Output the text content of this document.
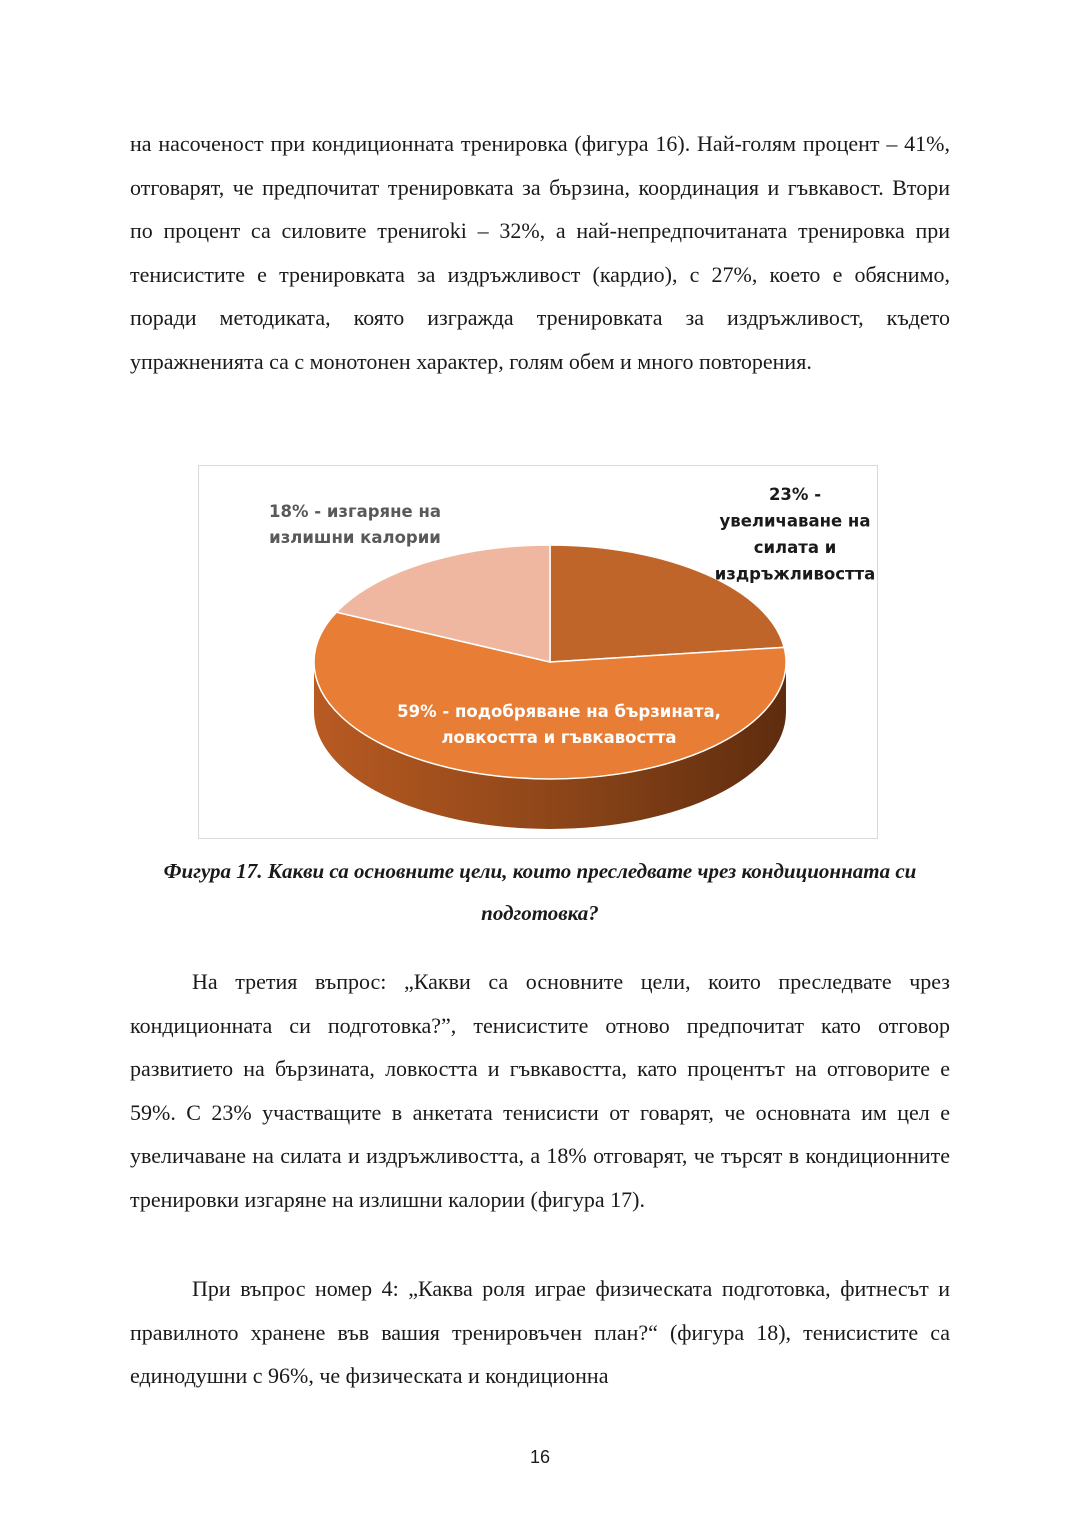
на насоченост при кондиционната тренировка (фигура 16). Най-голям процент – 41%, отговарят, че предпочитат тренировката за бързина, координация и гъвкавост. Втори по процент са силовите трениroki – 32%, а най-непредпочитаната тренировка при тенисистите е тренировката за издръжливост (кардио), с 27%, което е обяснимо, поради методиката, която изгражда тренировката за издръжливост, където упражненията са с монотонен характер, голям обем и много повторения.

23% -увеличаване на силата и издръжливостта
59% - подобряване на бързината, ловкостта и гъвкавостта
18% - изгаряне на излишни калории

Фигура 17. Какви са основните цели, които преследвате чрез кондиционната си подготовка?

На третия въпрос: „Какви са основните цели, които преследвате чрез кондиционната си подготовка?”, тенисистите отново предпочитат като отговор развитието на бързината, ловкостта и гъвкавостта, като процентът на отговорите е 59%. С 23% участващите в анкетата тенисисти от говарят, че основната им цел е увеличаване на силата и издръжливостта, а 18% отговарят, че търсят в кондиционните тренировки изгаряне на излишни калории (фигура 17).

При въпрос номер 4: „Каква роля играе физическата подготовка, фитнесът и правилното хранене във вашия тренировъчен план?“ (фигура 18), тенисистите са единодушни с 96%, че физическата и кондиционна

16
